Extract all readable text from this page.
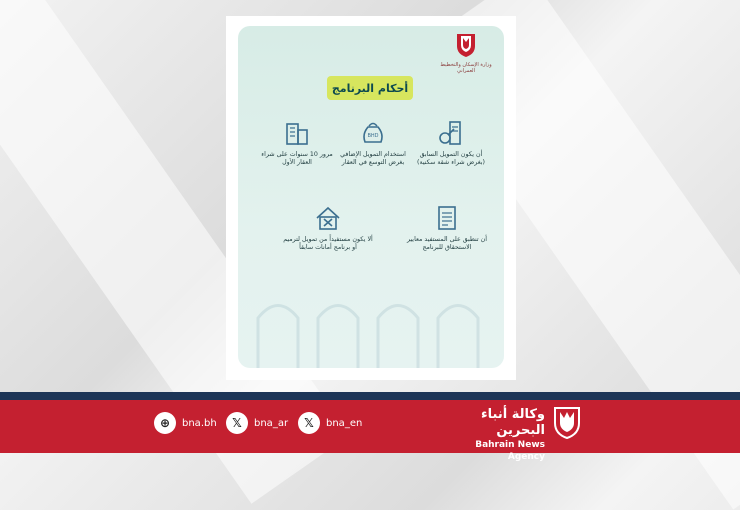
وزارة الإسكان والتخطيط العمراني
أحكام البرنامج
أن يكون التمويل السابق (بغرض شراء شقة سكنية)
BHD
استخدام التمويل الإضافي بغرض التوسع في العقار
مرور 10 سنوات على شراء العقار الأول
أن تنطبق على المستفيد معايير الاستحقاق للبرنامج
ألا يكون مستفيداً من تمويل لترميم أو برنامج أمانات سابقاً
⊕	bna.bh	𝕏	bna_ar	𝕏	bna_en
وكالة أنباء البحرين
Bahrain News Agency
